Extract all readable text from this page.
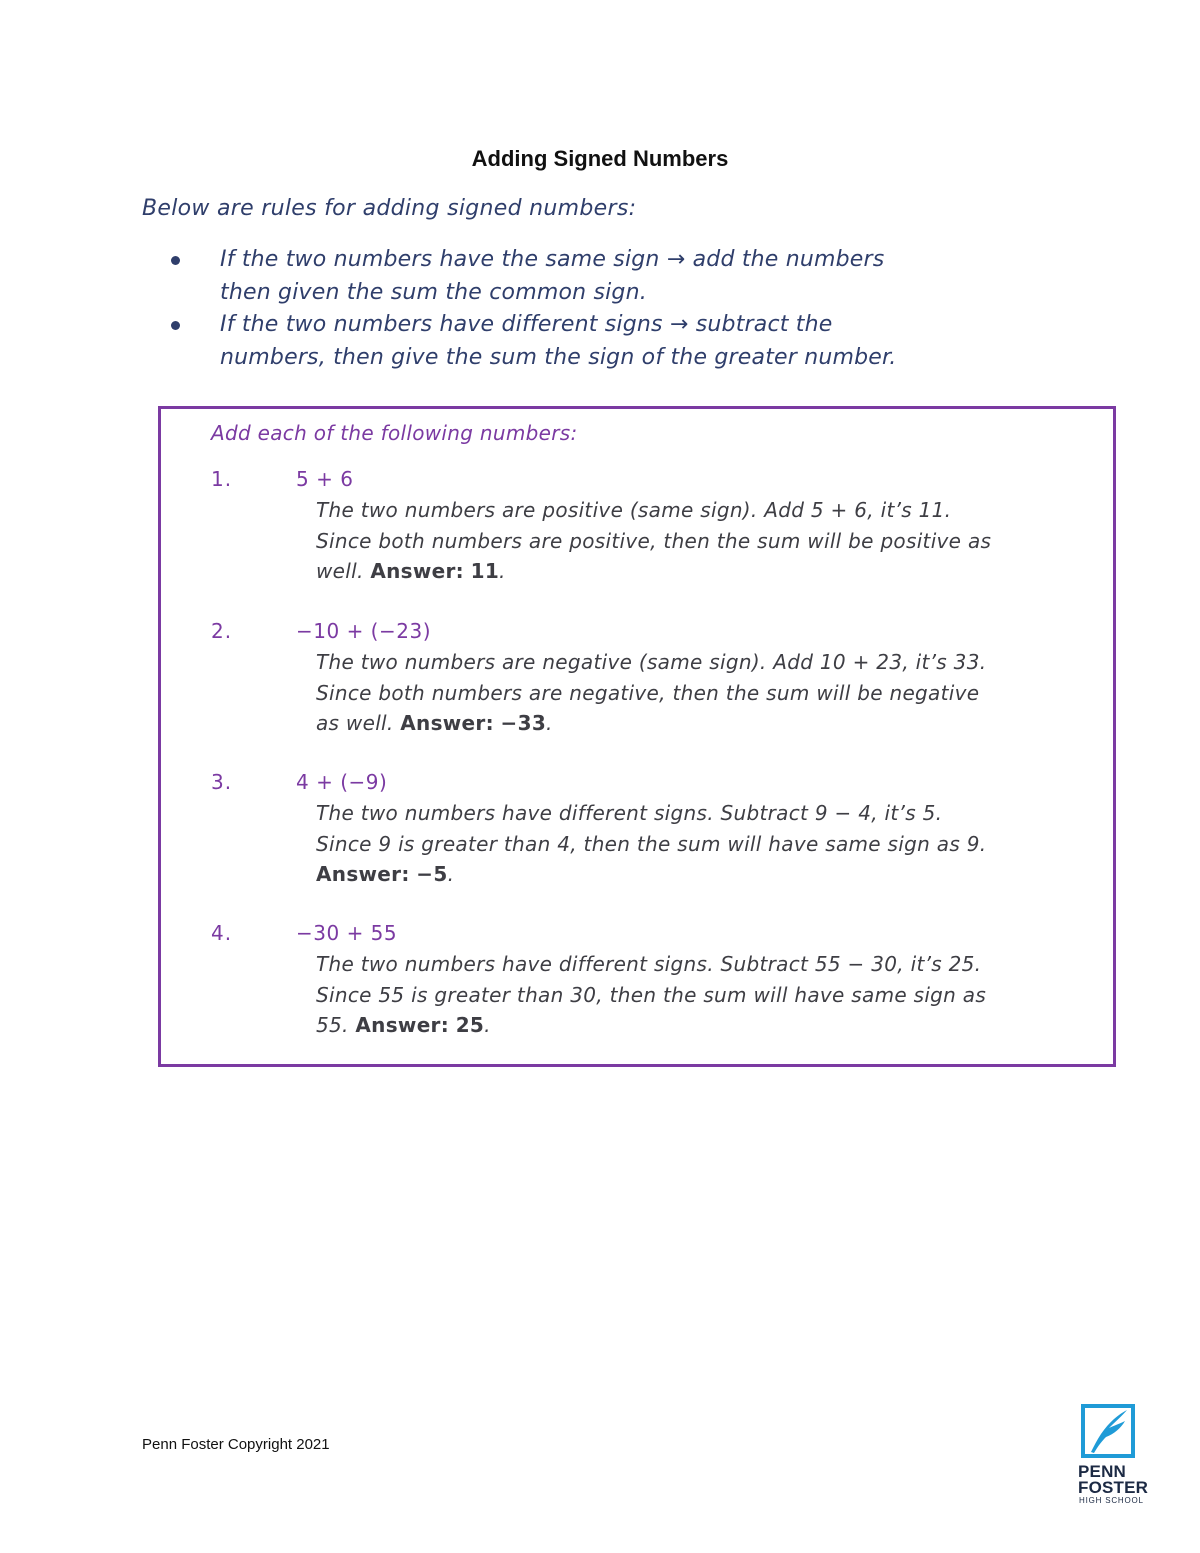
Adding Signed Numbers
Below are rules for adding signed numbers:
If the two numbers have the same sign → add the numbers
then given the sum the common sign.
If the two numbers have different signs → subtract the
numbers, then give the sum the sign of the greater number.
Add each of the following numbers:
1.	5 + 6
The two numbers are positive (same sign). Add 5 + 6, it’s 11.
Since both numbers are positive, then the sum will be positive as
well. Answer: 11.
2.	−10 + (−23)
The two numbers are negative (same sign). Add 10 + 23, it’s 33.
Since both numbers are negative, then the sum will be negative
as well. Answer: −33.
3.	4 + (−9)
The two numbers have different signs. Subtract 9 − 4, it’s 5.
Since 9 is greater than 4, then the sum will have same sign as 9.
Answer: −5.
4.	−30 + 55
The two numbers have different signs. Subtract 55 − 30, it’s 25.
Since 55 is greater than 30, then the sum will have same sign as
55. Answer: 25.
Penn Foster Copyright 2021
PENN
FOSTER
HIGH SCHOOL
